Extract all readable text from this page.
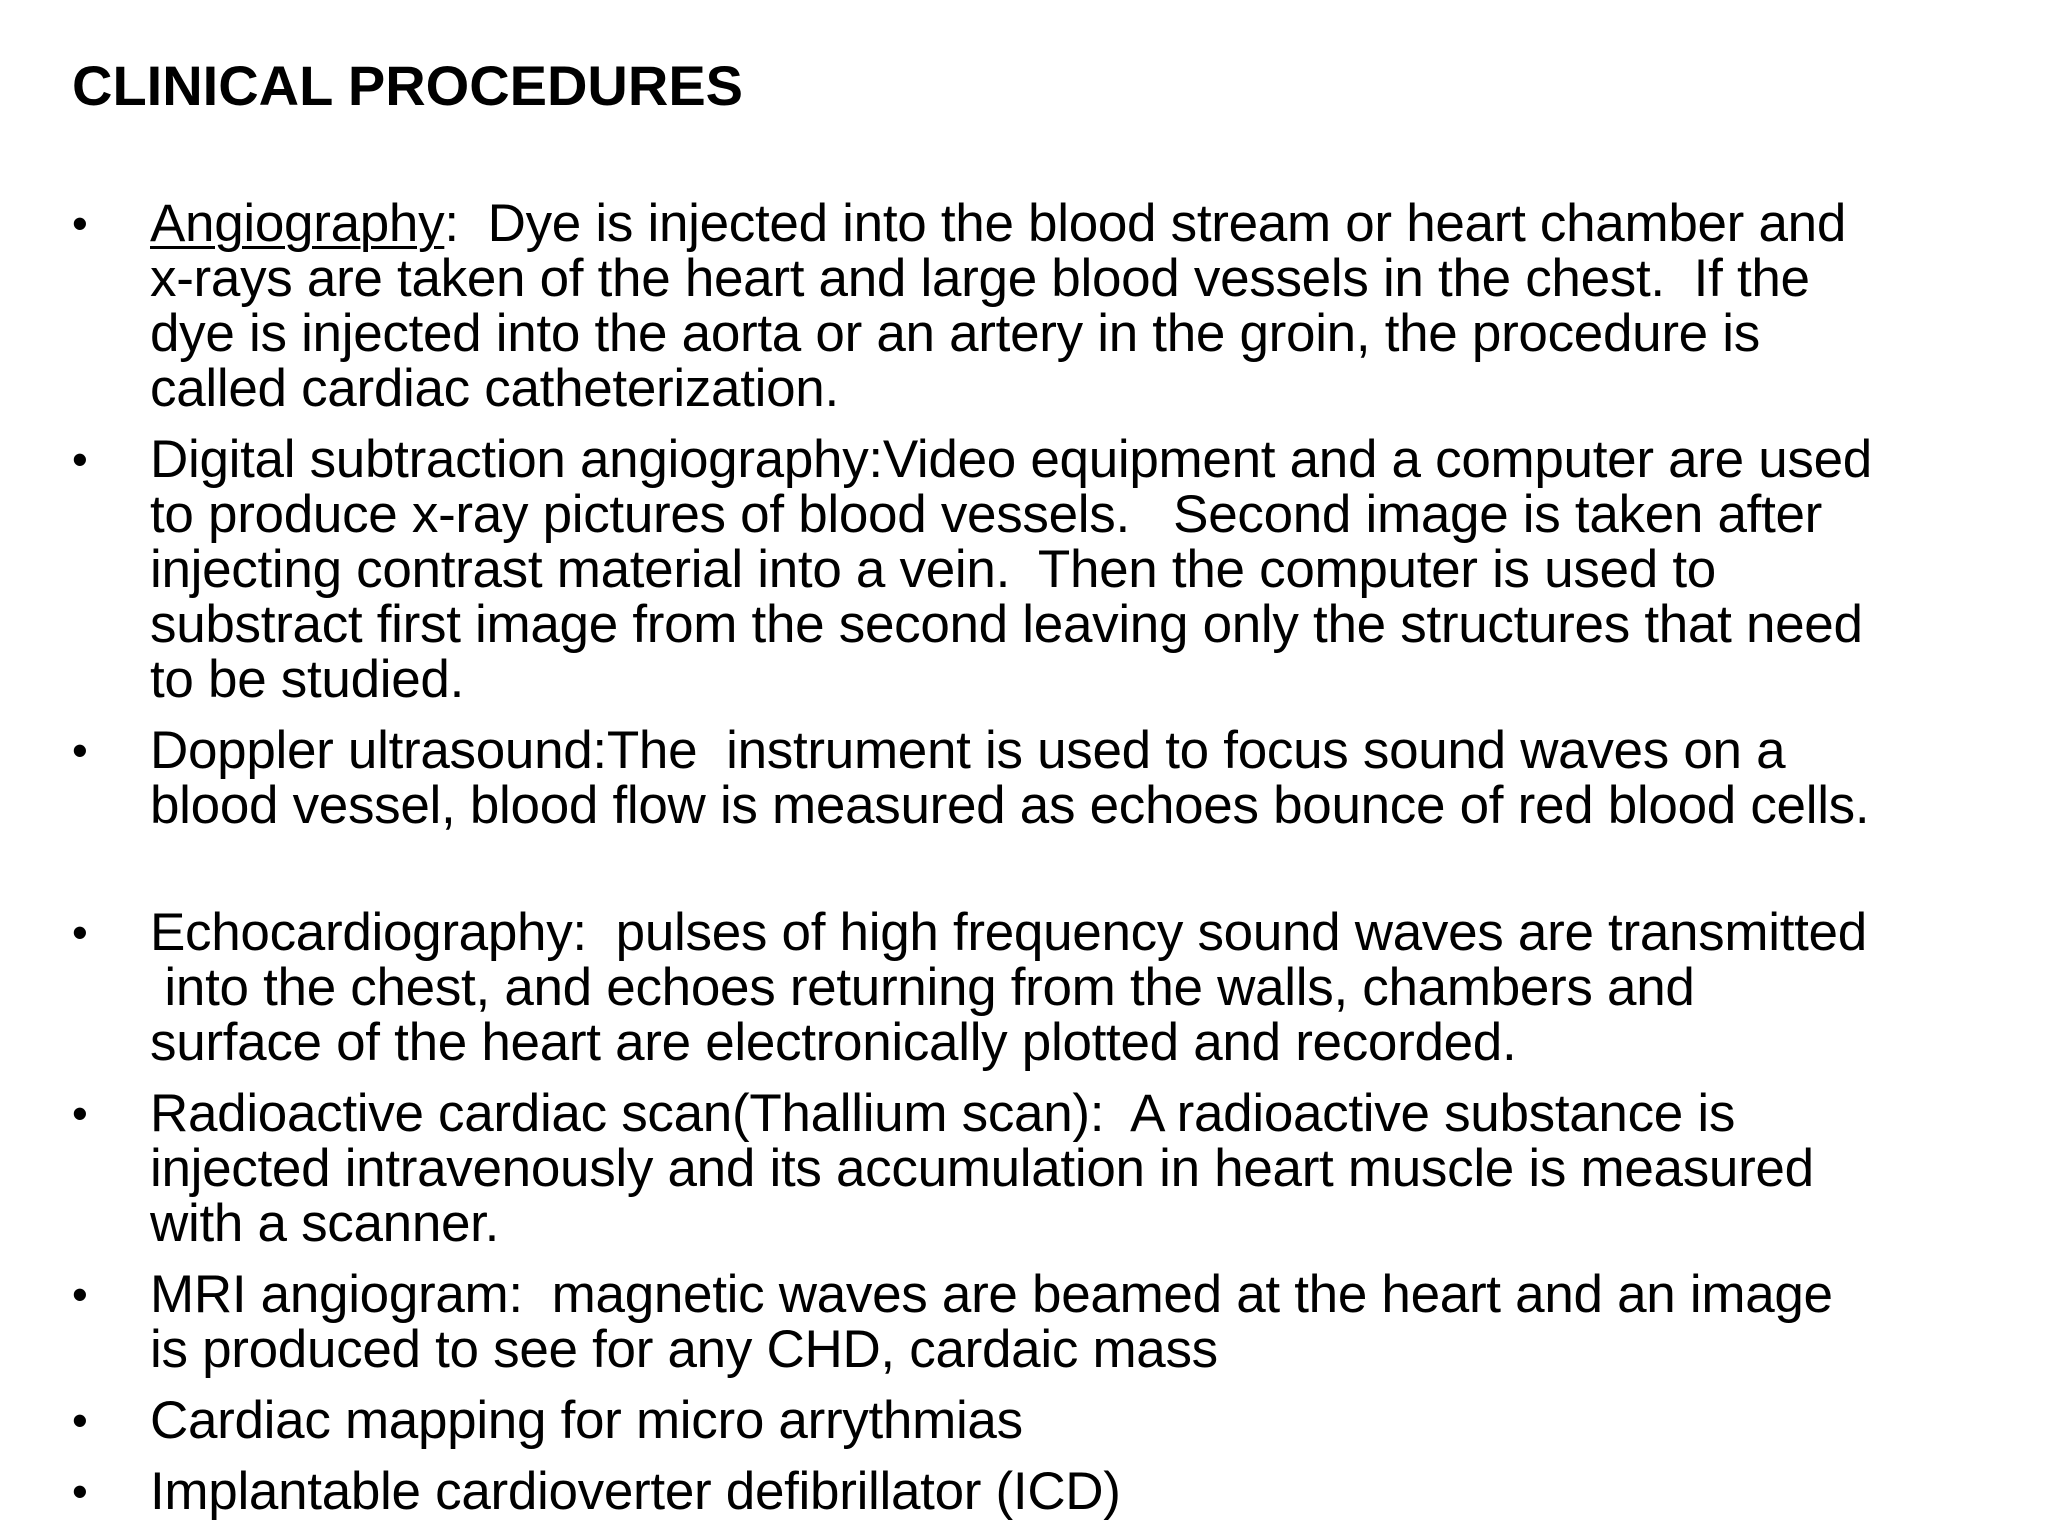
CLINICAL PROCEDURES
•	Angiography:  Dye is injected into the blood stream or heart chamber and
x-rays are taken of the heart and large blood vessels in the chest.  If the
dye is injected into the aorta or an artery in the groin, the procedure is
called cardiac catheterization.
•	Digital subtraction angiography:Video equipment and a computer are used
to produce x-ray pictures of blood vessels.   Second image is taken after
injecting contrast material into a vein.  Then the computer is used to
substract first image from the second leaving only the structures that need
to be studied.
•	Doppler ultrasound:The  instrument is used to focus sound waves on a
blood vessel, blood flow is measured as echoes bounce of red blood cells.
•	Echocardiography:  pulses of high frequency sound waves are transmitted
into the chest, and echoes returning from the walls, chambers and
surface of the heart are electronically plotted and recorded.
•	Radioactive cardiac scan(Thallium scan):  A radioactive substance is
injected intravenously and its accumulation in heart muscle is measured
with a scanner.
•	MRI angiogram:  magnetic waves are beamed at the heart and an image
is produced to see for any CHD, cardaic mass
•	Cardiac mapping for micro arrythmias
•	Implantable cardioverter defibrillator (ICD)
